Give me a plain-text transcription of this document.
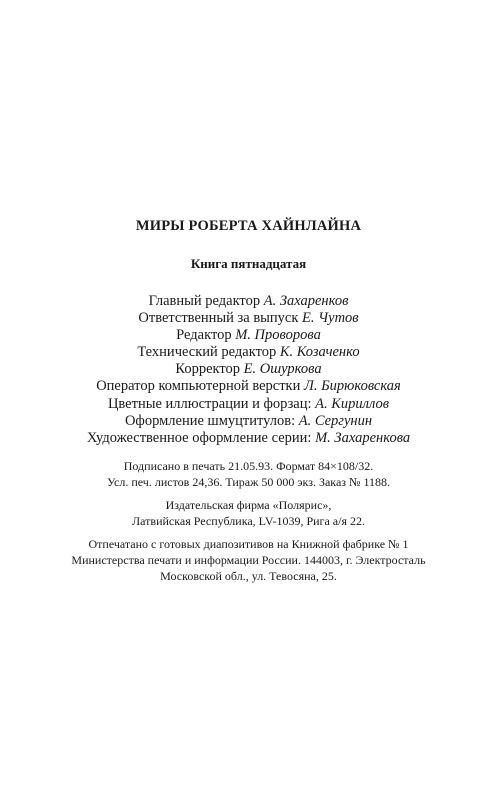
МИРЫ РОБЕРТА ХАЙНЛАЙНА
Книга пятнадцатая
Главный редактор А. Захаренков
Ответственный за выпуск Е. Чутов
Редактор М. Проворова
Технический редактор К. Козаченко
Корректор Е. Ошуркова
Оператор компьютерной верстки Л. Бирюковская
Цветные иллюстрации и форзац: А. Кириллов
Оформление шмуцтитулов: А. Сергунин
Художественное оформление серии: М. Захаренкова
Подписано в печать 21.05.93. Формат 84×108/32.
Усл. печ. листов 24,36. Тираж 50 000 экз. Заказ № 1188.
Издательская фирма «Полярис»,
Латвийская Республика, LV-1039, Рига а/я 22.
Отпечатано с готовых диапозитивов на Книжной фабрике № 1
Министерства печати и информации России. 144003, г. Электросталь
Московской обл., ул. Тевосяна, 25.
